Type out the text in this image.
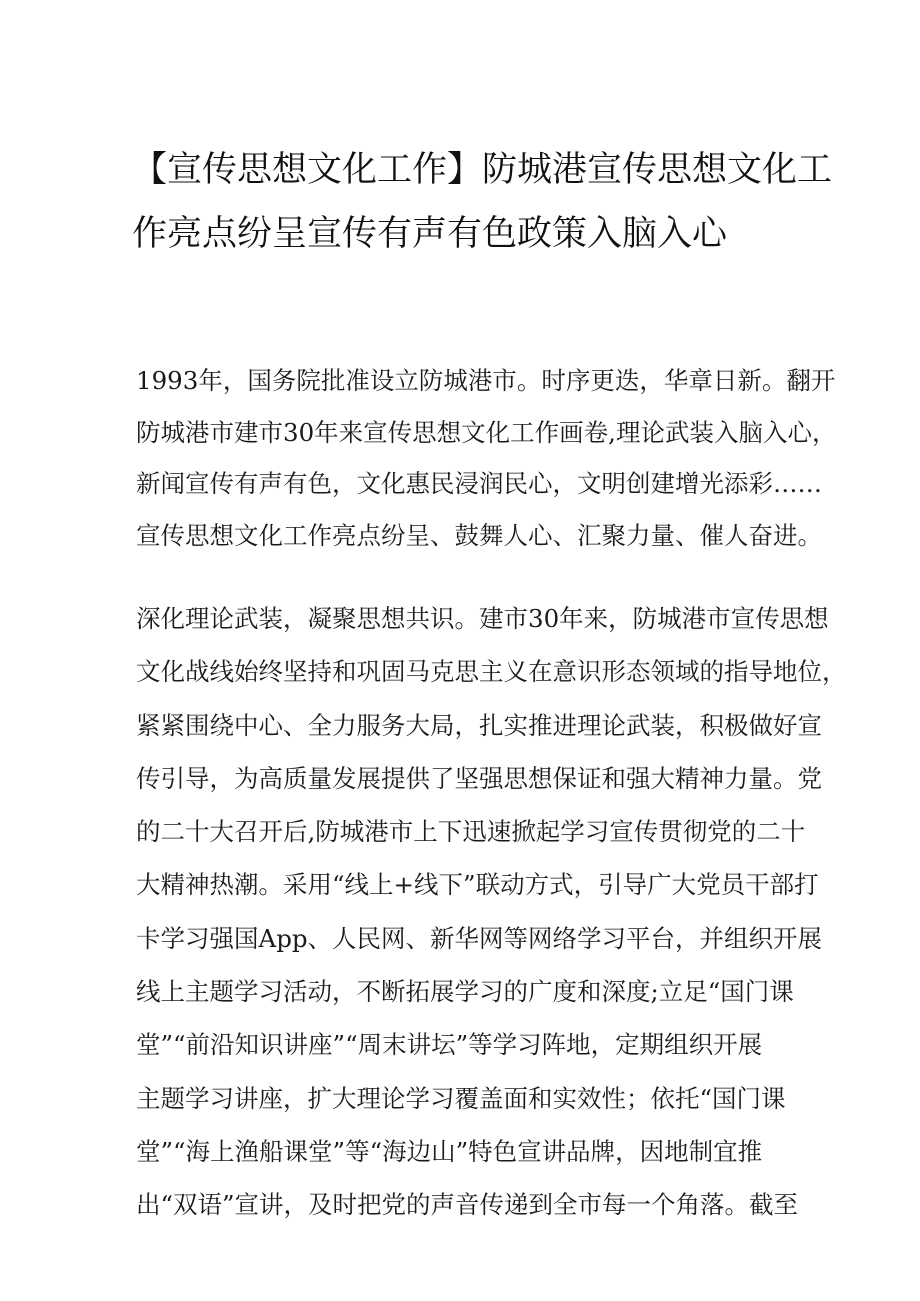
【宣传思想文化工作】防城港宣传思想文化工
作亮点纷呈宣传有声有色政策入脑入心

1993年，国务院批准设立防城港市。时序更迭，华章日新。翻开
防城港市建市30年来宣传思想文化工作画卷,理论武装入脑入心，
新闻宣传有声有色，文化惠民浸润民心，文明创建增光添彩……
宣传思想文化工作亮点纷呈、鼓舞人心、汇聚力量、催人奋进。

深化理论武装，凝聚思想共识。建市30年来，防城港市宣传思想
文化战线始终坚持和巩固马克思主义在意识形态领域的指导地位，
紧紧围绕中心、全力服务大局，扎实推进理论武装，积极做好宣
传引导，为高质量发展提供了坚强思想保证和强大精神力量。党
的二十大召开后,防城港市上下迅速掀起学习宣传贯彻党的二十
大精神热潮。采用“线上+线下”联动方式，引导广大党员干部打
卡学习强国App、人民网、新华网等网络学习平台，并组织开展
线上主题学习活动，不断拓展学习的广度和深度;立足“国门课
堂”“前沿知识讲座”“周末讲坛”等学习阵地，定期组织开展
主题学习讲座，扩大理论学习覆盖面和实效性；依托“国门课
堂”“海上渔船课堂”等“海边山”特色宣讲品牌，因地制宜推
出“双语”宣讲，及时把党的声音传递到全市每一个角落。截至
